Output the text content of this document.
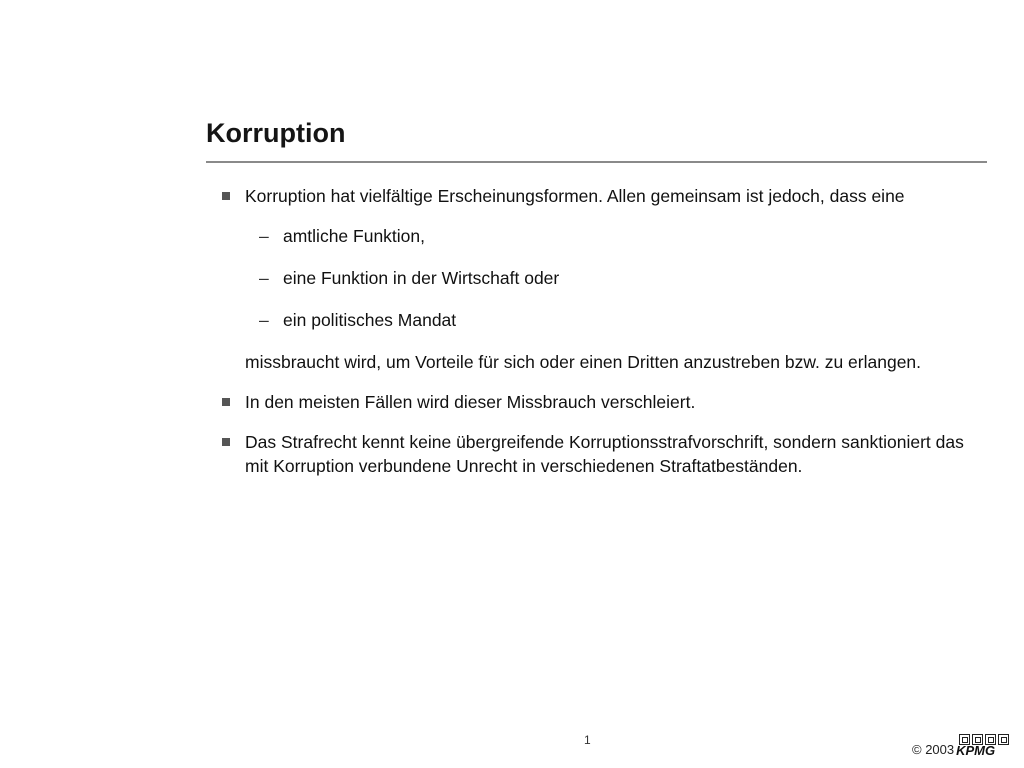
Korruption
Korruption hat vielfältige Erscheinungsformen. Allen gemeinsam ist jedoch, dass eine
– amtliche Funktion,
– eine Funktion in der Wirtschaft oder
– ein politisches Mandat
missbraucht wird, um Vorteile für sich oder einen Dritten anzustreben bzw. zu erlangen.
In den meisten Fällen wird dieser Missbrauch verschleiert.
Das Strafrecht kennt keine übergreifende Korruptionsstrafvorschrift, sondern sanktioniert das mit Korruption verbundene Unrecht in verschiedenen Straftatbeständen.
1
© 2003 KPMG
